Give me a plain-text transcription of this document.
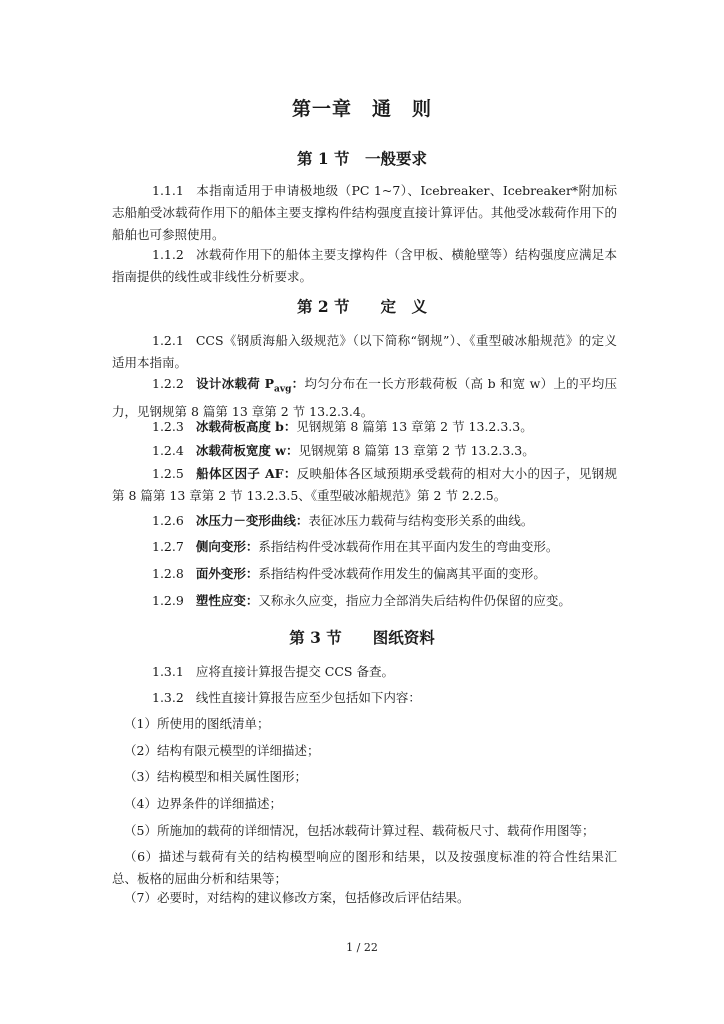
第一章　通　则
第 1 节　一般要求
1.1.1 本指南适用于申请极地级（PC 1~7）、Icebreaker、Icebreaker*附加标志船舶受冰载荷作用下的船体主要支撑构件结构强度直接计算评估。其他受冰载荷作用下的船舶也可参照使用。
1.1.2 冰载荷作用下的船体主要支撑构件（含甲板、横舱壁等）结构强度应满足本指南提供的线性或非线性分析要求。
第 2 节　　定　义
1.2.1 CCS《钢质海船入级规范》（以下简称“钢规”）、《重型破冰船规范》的定义适用本指南。
1.2.2 设计冰载荷 $P_{avg}$：均匀分布在一长方形载荷板（高 b 和宽 w）上的平均压力，见钢规第 8 篇第 13 章第 2 节 13.2.3.4。
1.2.3 冰载荷板高度 b：见钢规第 8 篇第 13 章第 2 节 13.2.3.3。
1.2.4 冰载荷板宽度 w：见钢规第 8 篇第 13 章第 2 节 13.2.3.3。
1.2.5 船体区因子 AF：反映船体各区域预期承受载荷的相对大小的因子，见钢规第 8 篇第 13 章第 2 节 13.2.3.5、《重型破冰船规范》第 2 节 2.2.5。
1.2.6 冰压力－变形曲线：表征冰压力载荷与结构变形关系的曲线。
1.2.7 侧向变形：系指结构件受冰载荷作用在其平面内发生的弯曲变形。
1.2.8 面外变形：系指结构件受冰载荷作用发生的偏离其平面的变形。
1.2.9 塑性应变：又称永久应变，指应力全部消失后结构件仍保留的应变。
第 3 节　　图纸资料
1.3.1 应将直接计算报告提交 CCS 备查。
1.3.2 线性直接计算报告应至少包括如下内容：
（1）所使用的图纸清单；
（2）结构有限元模型的详细描述；
（3）结构模型和相关属性图形；
（4）边界条件的详细描述；
（5）所施加的载荷的详细情况，包括冰载荷计算过程、载荷板尺寸、载荷作用图等；
（6）描述与载荷有关的结构模型响应的图形和结果，以及按强度标准的符合性结果汇总、板格的屈曲分析和结果等；
（7）必要时，对结构的建议修改方案，包括修改后评估结果。
1 / 22
